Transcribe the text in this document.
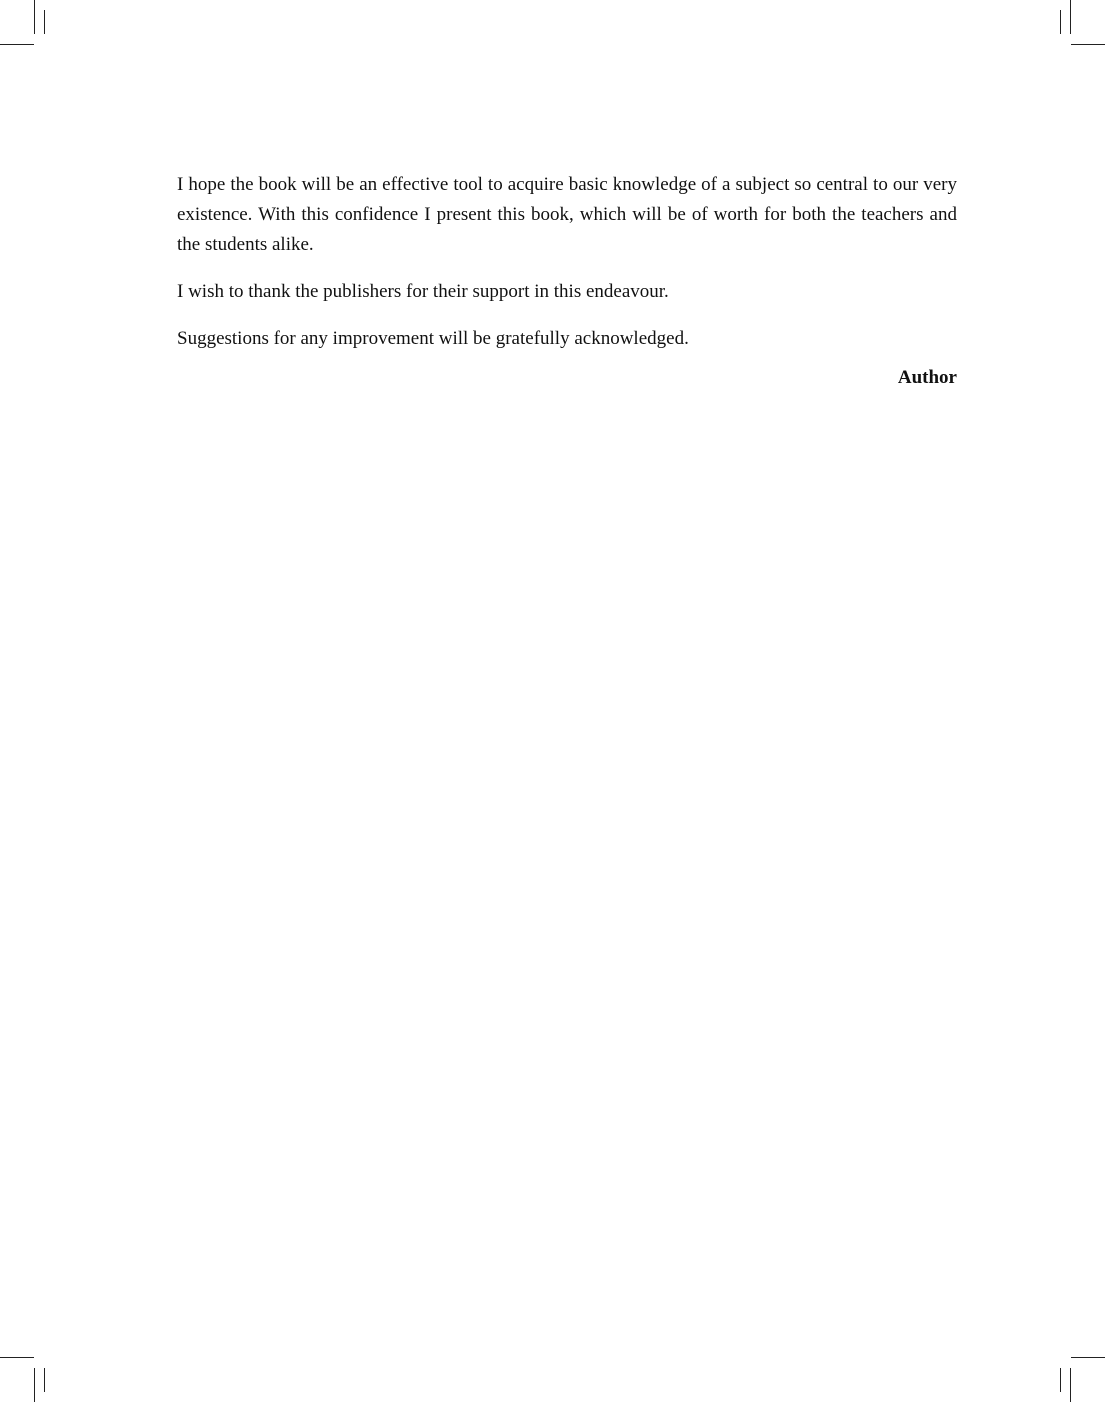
I hope the book will be an effective tool to acquire basic knowledge of a subject so central to our very existence. With this confidence I present this book, which will be of worth for both the teachers and the students alike.

I wish to thank the publishers for their support in this endeavour.

Suggestions for any improvement will be gratefully acknowledged.

Author
